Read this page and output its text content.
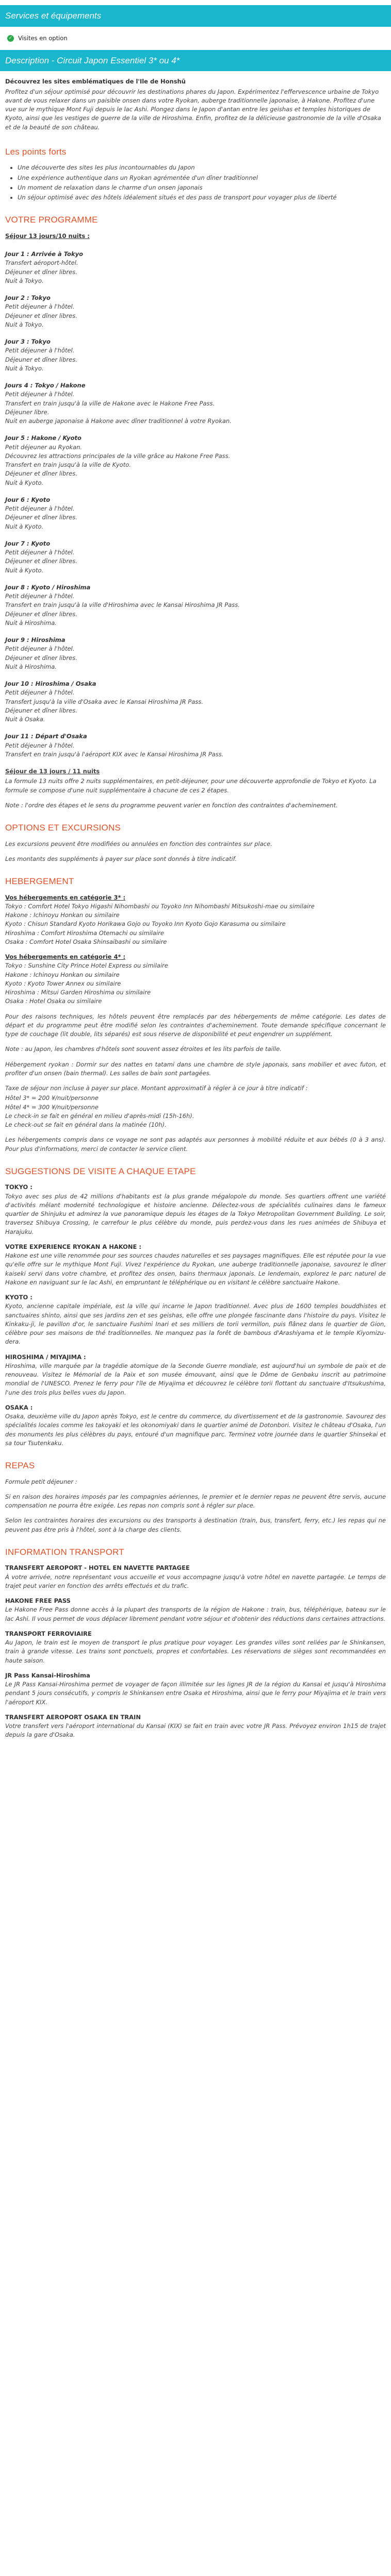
Services et équipements
✓ Visites en option
Description - Circuit Japon Essentiel 3* ou 4*

Découvrez les sites emblématiques de l'Ile de Honshū

Profitez d'un séjour optimisé pour découvrir les destinations phares du Japon. Expérimentez l'effervescence urbaine de Tokyo avant de vous relaxer dans un paisible onsen dans votre Ryokan, auberge traditionnelle japonaise, à Hakone. Profitez d'une vue sur le mythique Mont Fuji depuis le lac Ashi. Plongez dans le Japon d'antan entre les geishas et temples historiques de Kyoto, ainsi que les vestiges de guerre de la ville de Hiroshima. Enfin, profitez de la délicieuse gastronomie de la ville d'Osaka et de la beauté de son château.

Les points forts
• Une découverte des sites les plus incontournables du Japon
• Une expérience authentique dans un Ryokan agrémentée d'un dîner traditionnel
• Un moment de relaxation dans le charme d'un onsen japonais
• Un séjour optimisé avec des hôtels idéalement situés et des pass de transport pour voyager plus de liberté
VOTRE PROGRAMME
Séjour 13 jours/10 nuits :
Jour 1 : Arrivée à Tokyo
Transfert aéroport-hôtel.
Déjeuner et dîner libres.
Nuit à Tokyo.
Jour 2 : Tokyo
Petit déjeuner à l'hôtel.
Déjeuner et dîner libres.
Nuit à Tokyo.
Jour 3 : Tokyo
Petit déjeuner à l'hôtel.
Déjeuner et dîner libres.
Nuit à Tokyo.
Jours 4 : Tokyo / Hakone
Petit déjeuner à l'hôtel.
Transfert en train jusqu'à la ville de Hakone avec le Hakone Free Pass.
Déjeuner libre.
Nuit en auberge japonaise à Hakone avec dîner traditionnel à votre Ryokan.
Jour 5 : Hakone / Kyoto
Petit déjeuner au Ryokan.
Découvrez les attractions principales de la ville grâce au Hakone Free Pass.
Transfert en train jusqu'à la ville de Kyoto.
Déjeuner et dîner libres.
Nuit à Kyoto.
Jour 6 : Kyoto
Petit déjeuner à l'hôtel.
Déjeuner et dîner libres.
Nuit à Kyoto.
Jour 7 : Kyoto
Petit déjeuner à l'hôtel.
Déjeuner et dîner libres.
Nuit à Kyoto.
Jour 8 : Kyoto / Hiroshima
Petit déjeuner à l'hôtel.
Transfert en train jusqu'à la ville d'Hiroshima avec le Kansai Hiroshima JR Pass.
Déjeuner et dîner libres.
Nuit à Hiroshima.
Jour 9 : Hiroshima
Petit déjeuner à l'hôtel.
Déjeuner et dîner libres.
Nuit à Hiroshima.
Jour 10 : Hiroshima / Osaka
Petit déjeuner à l'hôtel.
Transfert jusqu'à la ville d'Osaka avec le Kansai Hiroshima JR Pass.
Déjeuner et dîner libres.
Nuit à Osaka.
Jour 11 : Départ d'Osaka
Petit déjeuner à l'hôtel.
Transfert en train jusqu'à l'aéroport KIX avec le Kansai Hiroshima JR Pass.
Séjour de 13 jours / 11 nuits
La formule 13 nuits offre 2 nuits supplémentaires, en petit-déjeuner, pour une découverte approfondie de Tokyo et Kyoto. La formule se compose d'une nuit supplémentaire à chacune de ces 2 étapes.
Note : l'ordre des étapes et le sens du programme peuvent varier en fonction des contraintes d'acheminement.
OPTIONS ET EXCURSIONS
Les excursions peuvent être modifiées ou annulées en fonction des contraintes sur place.
Les montants des suppléments à payer sur place sont donnés à titre indicatif.
HEBERGEMENT
Vos hébergements en catégorie 3* :
Tokyo : Comfort Hotel Tokyo Higashi Nihombashi ou Toyoko Inn Nihombashi Mitsukoshi-mae ou similaire
Hakone : Ichinoyu Honkan ou similaire
Kyoto : Chisun Standard Kyoto Horikawa Gojo ou Toyoko Inn Kyoto Gojo Karasuma ou similaire
Hiroshima : Comfort Hiroshima Otemachi ou similaire
Osaka : Comfort Hotel Osaka Shinsaibashi ou similaire
Vos hébergements en catégorie 4* :
Tokyo : Sunshine City Prince Hotel Express ou similaire
Hakone : Ichinoyu Honkan ou similaire
Kyoto : Kyoto Tower Annex ou similaire
Hiroshima : Mitsui Garden Hiroshima ou similaire
Osaka : Hotel Osaka ou similaire
Pour des raisons techniques, les hôtels peuvent être remplacés par des hébergements de même catégorie. Les dates de départ et du programme peut être modifié selon les contraintes d'acheminement. Toute demande spécifique concernant le type de couchage (lit double, lits séparés) est sous réserve de disponibilité et peut engendrer un supplément.
Note : au Japon, les chambres d'hôtels sont souvent assez étroites et les lits parfois de taille.
Hébergement ryokan : Dormir sur des nattes en tatami dans une chambre de style japonais, sans mobilier et avec futon, et profiter d'un onsen (bain thermal). Les salles de bain sont partagées.
Taxe de séjour non incluse à payer sur place. Montant approximatif à régler à ce jour à titre indicatif :
Hôtel 3* = 200 ¥/nuit/personne
Hôtel 4* = 300 ¥/nuit/personne
Le check-in se fait en général en milieu d'après-midi (15h-16h).
Le check-out se fait en général dans la matinée (10h).
Les hébergements compris dans ce voyage ne sont pas adaptés aux personnes à mobilité réduite et aux bébés (0 à 3 ans). Pour plus d'informations, merci de contacter le service client.
SUGGESTIONS DE VISITE A CHAQUE ETAPE
TOKYO :
Tokyo avec ses plus de 42 millions d'habitants est la plus grande mégalopole du monde. Ses quartiers offrent une variété d'activités mêlant modernité technologique et histoire ancienne. Délectez-vous de spécialités culinaires dans le fameux quartier de Shinjuku et admirez la vue panoramique depuis les étages de la Tokyo Metropolitan Government Building. Le soir, traversez Shibuya Crossing, le carrefour le plus célèbre du monde, puis perdez-vous dans les rues animées de Shibuya et Harajuku.
VOTRE EXPERIENCE RYOKAN A HAKONE :
Hakone est une ville renommée pour ses sources chaudes naturelles et ses paysages magnifiques. Elle est réputée pour la vue qu'elle offre sur le mythique Mont Fuji. Vivez l'expérience du Ryokan, une auberge traditionnelle japonaise, savourez le dîner kaiseki servi dans votre chambre, et profitez des onsen, bains thermaux japonais. Le lendemain, explorez le parc naturel de Hakone en naviguant sur le lac Ashi, en empruntant le téléphérique ou en visitant le célèbre sanctuaire Hakone.
KYOTO :
Kyoto, ancienne capitale impériale, est la ville qui incarne le Japon traditionnel. Avec plus de 1600 temples bouddhistes et sanctuaires shinto, ainsi que ses jardins zen et ses geishas, elle offre une plongée fascinante dans l'histoire du pays. Visitez le Kinkaku-ji, le pavillon d'or, le sanctuaire Fushimi Inari et ses milliers de torii vermillon, puis flânez dans le quartier de Gion, célèbre pour ses maisons de thé traditionnelles. Ne manquez pas la forêt de bambous d'Arashiyama et le temple Kiyomizu-dera.
HIROSHIMA / MIYAJIMA :
Hiroshima, ville marquée par la tragédie atomique de la Seconde Guerre mondiale, est aujourd'hui un symbole de paix et de renouveau. Visitez le Mémorial de la Paix et son musée émouvant, ainsi que le Dôme de Genbaku inscrit au patrimoine mondial de l'UNESCO. Prenez le ferry pour l'île de Miyajima et découvrez le célèbre torii flottant du sanctuaire d'Itsukushima, l'une des trois plus belles vues du Japon.
OSAKA :
Osaka, deuxième ville du Japon après Tokyo, est le centre du commerce, du divertissement et de la gastronomie. Savourez des spécialités locales comme les takoyaki et les okonomiyaki dans le quartier animé de Dotonbori. Visitez le château d'Osaka, l'un des monuments les plus célèbres du pays, entouré d'un magnifique parc. Terminez votre journée dans le quartier Shinsekai et sa tour Tsutenkaku.
REPAS
Formule petit déjeuner :
Si en raison des horaires imposés par les compagnies aériennes, le premier et le dernier repas ne peuvent être servis, aucune compensation ne pourra être exigée. Les repas non compris sont à régler sur place.
Selon les contraintes horaires des excursions ou des transports à destination (train, bus, transfert, ferry, etc.) les repas qui ne peuvent pas être pris à l'hôtel, sont à la charge des clients.
INFORMATION TRANSPORT
TRANSFERT AEROPORT - HOTEL EN NAVETTE PARTAGEE
À votre arrivée, notre représentant vous accueille et vous accompagne jusqu'à votre hôtel en navette partagée. Le temps de trajet peut varier en fonction des arrêts effectués et du trafic.
HAKONE FREE PASS
Le Hakone Free Pass donne accès à la plupart des transports de la région de Hakone : train, bus, téléphérique, bateau sur le lac Ashi. Il vous permet de vous déplacer librement pendant votre séjour et d'obtenir des réductions dans certaines attractions.
TRANSPORT FERROVIAIRE
Au Japon, le train est le moyen de transport le plus pratique pour voyager. Les grandes villes sont reliées par le Shinkansen, train à grande vitesse. Les trains sont ponctuels, propres et confortables. Les réservations de sièges sont recommandées en haute saison.
JR Pass Kansai-Hiroshima
Le JR Pass Kansai-Hiroshima permet de voyager de façon illimitée sur les lignes JR de la région du Kansai et jusqu'à Hiroshima pendant 5 jours consécutifs, y compris le Shinkansen entre Osaka et Hiroshima, ainsi que le ferry pour Miyajima et le train vers l'aéroport KIX.
TRANSFERT AEROPORT OSAKA EN TRAIN
Votre transfert vers l'aéroport international du Kansai (KIX) se fait en train avec votre JR Pass. Prévoyez environ 1h15 de trajet depuis la gare d'Osaka.
